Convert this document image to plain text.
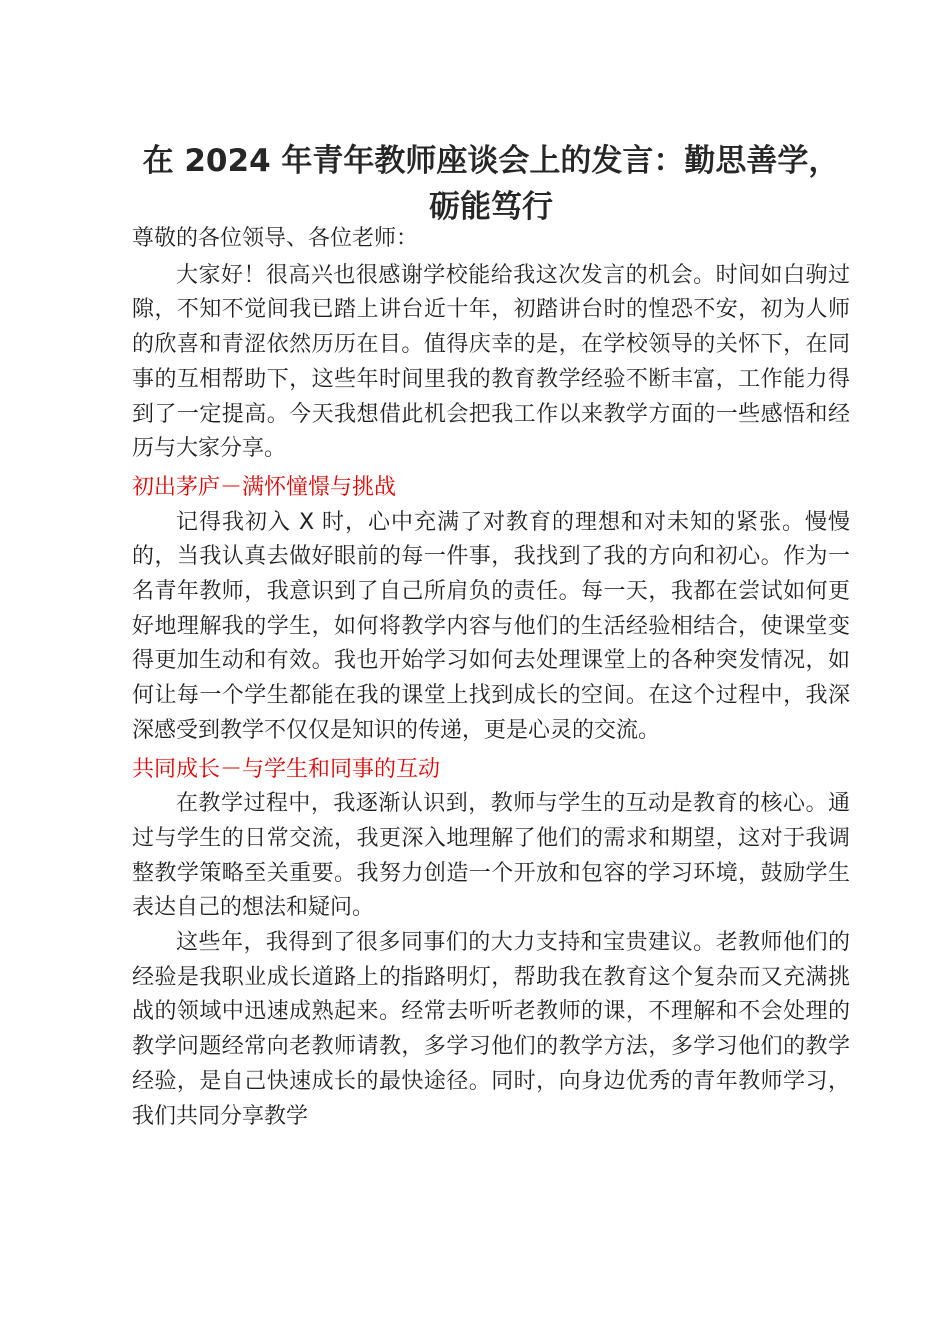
在 2024 年青年教师座谈会上的发言：勤思善学，砺能笃行

尊敬的各位领导、各位老师：

大家好！很高兴也很感谢学校能给我这次发言的机会。时间如白驹过隙，不知不觉间我已踏上讲台近十年，初踏讲台时的惶恐不安，初为人师的欣喜和青涩依然历历在目。值得庆幸的是，在学校领导的关怀下，在同事的互相帮助下，这些年时间里我的教育教学经验不断丰富，工作能力得到了一定提高。今天我想借此机会把我工作以来教学方面的一些感悟和经历与大家分享。

初出茅庐－满怀憧憬与挑战

记得我初入 X 时，心中充满了对教育的理想和对未知的紧张。慢慢的，当我认真去做好眼前的每一件事，我找到了我的方向和初心。作为一名青年教师，我意识到了自己所肩负的责任。每一天，我都在尝试如何更好地理解我的学生，如何将教学内容与他们的生活经验相结合，使课堂变得更加生动和有效。我也开始学习如何去处理课堂上的各种突发情况，如何让每一个学生都能在我的课堂上找到成长的空间。在这个过程中，我深深感受到教学不仅仅是知识的传递，更是心灵的交流。

共同成长－与学生和同事的互动

在教学过程中，我逐渐认识到，教师与学生的互动是教育的核心。通过与学生的日常交流，我更深入地理解了他们的需求和期望，这对于我调整教学策略至关重要。我努力创造一个开放和包容的学习环境，鼓励学生表达自己的想法和疑问。

这些年，我得到了很多同事们的大力支持和宝贵建议。老教师他们的经验是我职业成长道路上的指路明灯，帮助我在教育这个复杂而又充满挑战的领域中迅速成熟起来。经常去听听老教师的课，不理解和不会处理的教学问题经常向老教师请教，多学习他们的教学方法，多学习他们的教学经验，是自己快速成长的最快途径。同时，向身边优秀的青年教师学习，我们共同分享教学
